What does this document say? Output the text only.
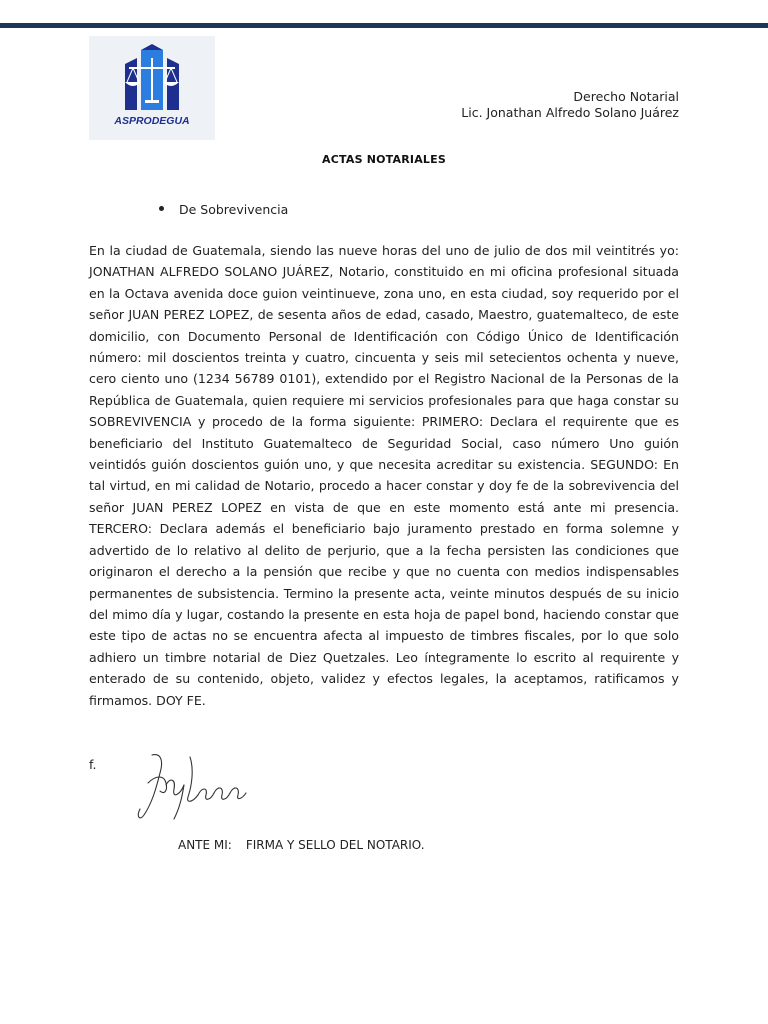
ASPRODEGUA
Derecho Notarial
Lic. Jonathan Alfredo Solano Juárez
ACTAS NOTARIALES
De Sobrevivencia
En la ciudad de Guatemala, siendo las nueve horas del uno de julio de dos mil veintitrés yo: JONATHAN ALFREDO SOLANO JUÁREZ, Notario, constituido en mi oficina profesional situada en la Octava avenida doce guion veintinueve, zona uno, en esta ciudad, soy requerido por el señor JUAN PEREZ LOPEZ, de sesenta años de edad, casado, Maestro, guatemalteco, de este domicilio, con Documento Personal de Identificación con Código Único de Identificación número: mil doscientos treinta y cuatro, cincuenta y seis mil setecientos ochenta y nueve, cero ciento uno (1234 56789 0101), extendido por el Registro Nacional de la Personas de la República de Guatemala, quien requiere mi servicios profesionales para que haga constar su SOBREVIVENCIA y procedo de la forma siguiente: PRIMERO: Declara el requirente que es beneficiario del Instituto Guatemalteco de Seguridad Social, caso número Uno guión veintidós guión doscientos guión uno, y que necesita acreditar su existencia. SEGUNDO: En tal virtud, en mi calidad de Notario, procedo a hacer constar y doy fe de la sobrevivencia del señor JUAN PEREZ LOPEZ en vista de que en este momento está ante mi presencia. TERCERO: Declara además el beneficiario bajo juramento prestado en forma solemne y advertido de lo relativo al delito de perjurio, que a la fecha persisten las condiciones que originaron el derecho a la pensión que recibe y que no cuenta con medios indispensables permanentes de subsistencia. Termino la presente acta, veinte minutos después de su inicio del mimo día y lugar, costando la presente en esta hoja de papel bond, haciendo constar que este tipo de actas no se encuentra afecta al impuesto de timbres fiscales, por lo que solo adhiero un timbre notarial de Diez Quetzales. Leo íntegramente lo escrito al requirente y enterado de su contenido, objeto, validez y efectos legales, la aceptamos, ratificamos y firmamos. DOY FE.
f.
ANTE MI: FIRMA Y SELLO DEL NOTARIO.
